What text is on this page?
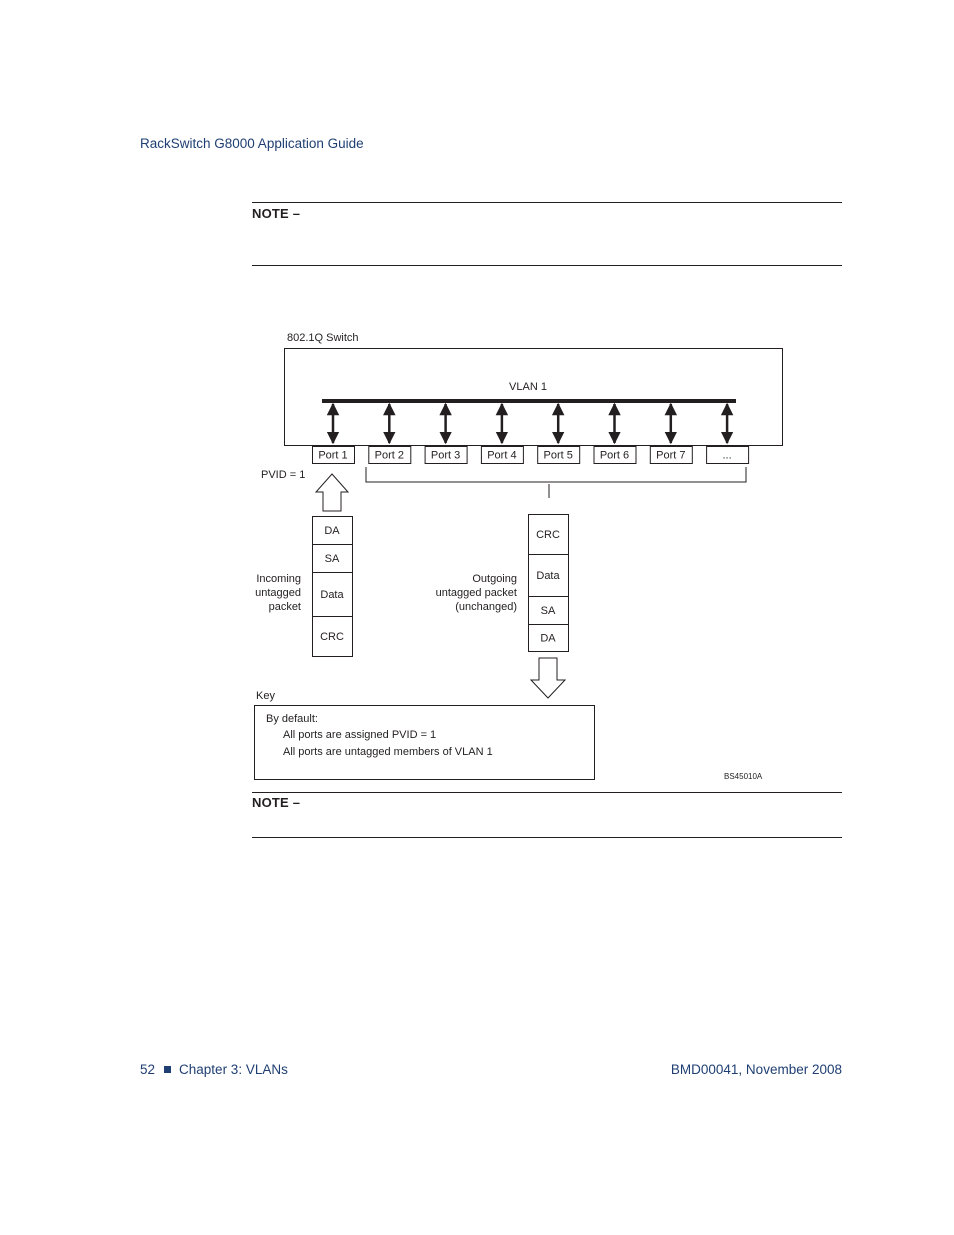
RackSwitch G8000 Application Guide
NOTE –
802.1Q Switch
VLAN 1
Port 1 Port 2 Port 3 Port 4 Port 5 Port 6 Port 7	...
PVID = 1
DA
SA
Data
CRC
Incoming
untagged
packet
CRC
Data
SA
DA
Outgoing
untagged packet
(unchanged)
Key
By default:
All ports are assigned PVID = 1
All ports are untagged members of VLAN 1
BS45010A
NOTE –
52 Chapter 3: VLANs	BMD00041, November 2008
